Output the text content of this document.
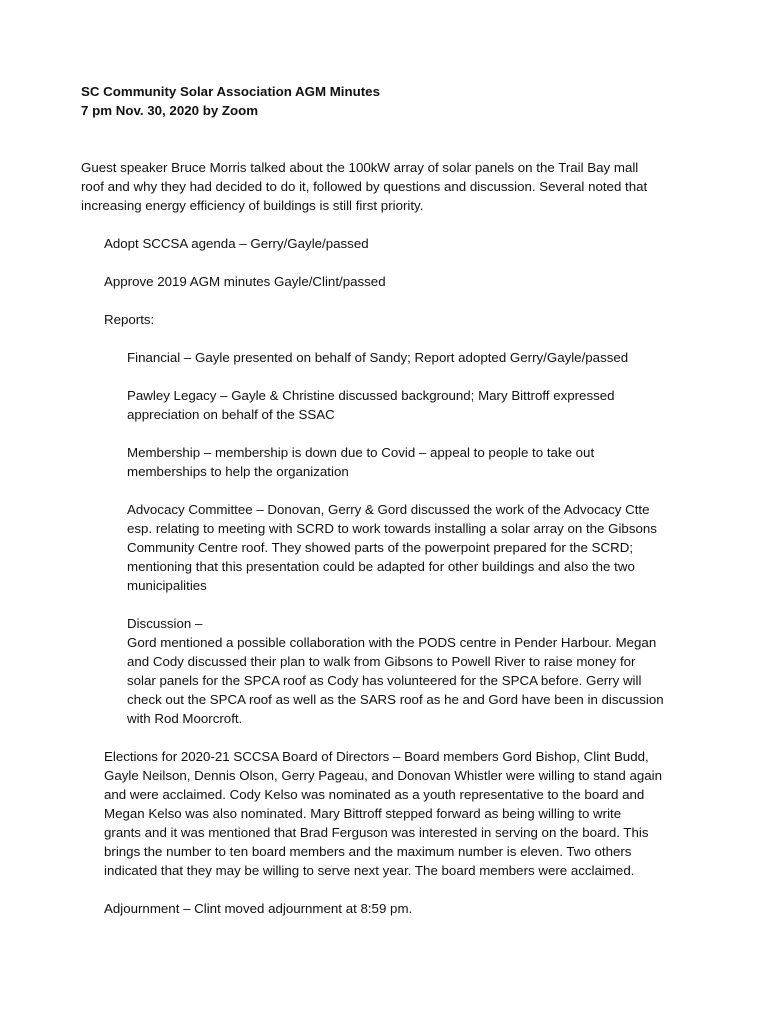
SC Community Solar Association AGM Minutes

7 pm Nov. 30, 2020 by Zoom

Guest speaker Bruce Morris talked about the 100kW array of solar panels on the Trail Bay mall
roof and why they had decided to do it, followed by questions and discussion. Several noted that
increasing energy efficiency of buildings is still first priority.

Adopt SCCSA agenda – Gerry/Gayle/passed

Approve 2019 AGM minutes Gayle/Clint/passed

Reports:

Financial – Gayle presented on behalf of Sandy; Report adopted Gerry/Gayle/passed

Pawley Legacy – Gayle & Christine discussed background; Mary Bittroff expressed
appreciation on behalf of the SSAC

Membership – membership is down due to Covid – appeal to people to take out
memberships to help the organization

Advocacy Committee – Donovan, Gerry & Gord discussed the work of the Advocacy Ctte
esp. relating to meeting with SCRD to work towards installing a solar array on the Gibsons
Community Centre roof. They showed parts of the powerpoint prepared for the SCRD;
mentioning that this presentation could be adapted for other buildings and also the two
municipalities

Discussion –

Gord mentioned a possible collaboration with the PODS centre in Pender Harbour. Megan
and Cody discussed their plan to walk from Gibsons to Powell River to raise money for
solar panels for the SPCA roof as Cody has volunteered for the SPCA before. Gerry will
check out the SPCA roof as well as the SARS roof as he and Gord have been in discussion
with Rod Moorcroft.

Elections for 2020-21 SCCSA Board of Directors – Board members Gord Bishop, Clint Budd,
Gayle Neilson, Dennis Olson, Gerry Pageau, and Donovan Whistler were willing to stand again
and were acclaimed. Cody Kelso was nominated as a youth representative to the board and
Megan Kelso was also nominated. Mary Bittroff stepped forward as being willing to write
grants and it was mentioned that Brad Ferguson was interested in serving on the board. This
brings the number to ten board members and the maximum number is eleven. Two others
indicated that they may be willing to serve next year. The board members were acclaimed.

Adjournment – Clint moved adjournment at 8:59 pm.
